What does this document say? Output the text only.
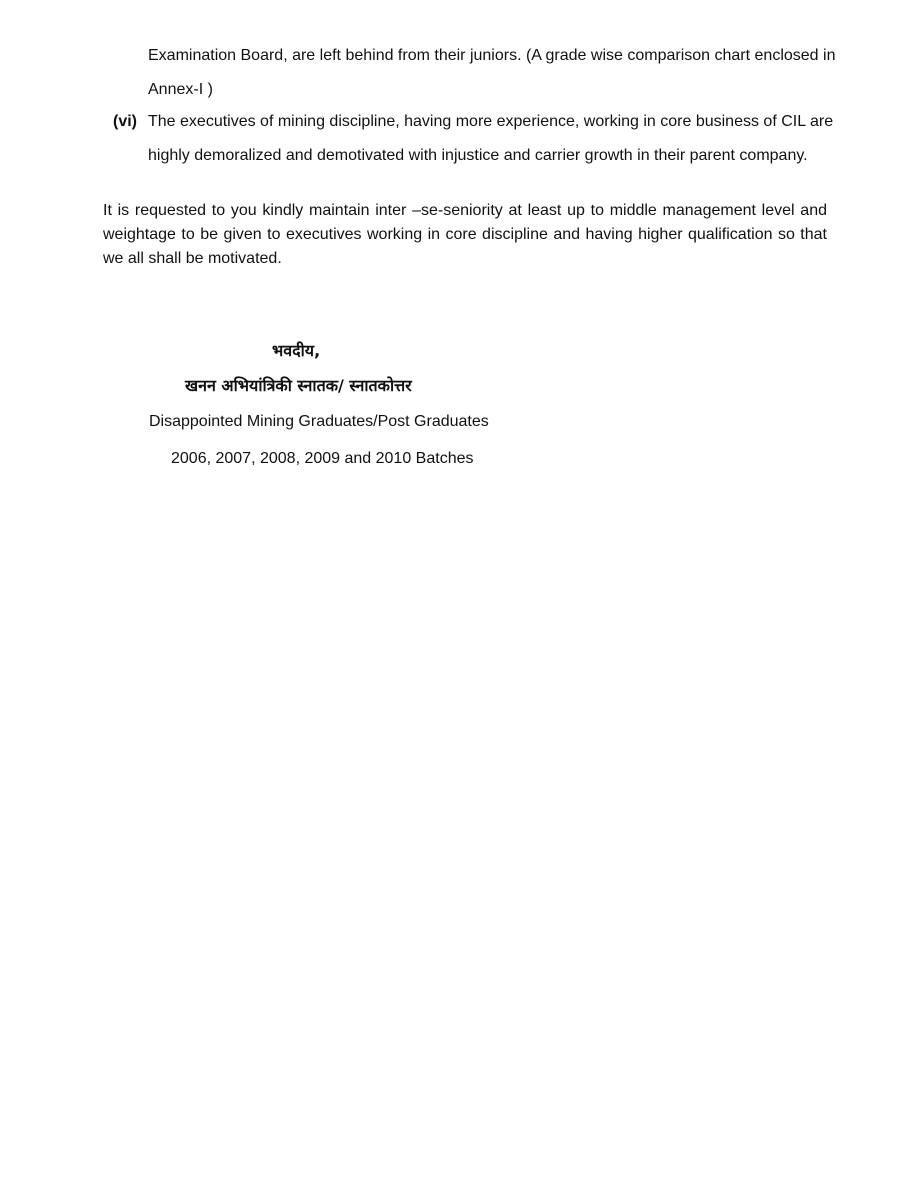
Examination Board, are left behind from their juniors. (A grade wise comparison chart enclosed in
Annex-I )
(vi) The executives of mining discipline, having more experience, working in core business of CIL are
highly demoralized and demotivated with injustice and carrier growth in their parent company.
It is requested to you kindly maintain inter –se-seniority at least up to middle management level and weightage to be given to executives working in core discipline and having higher qualification so that we all shall be motivated.
भवदीय,
खनन अभियांत्रिकी स्नातक/ स्नातकोत्तर
Disappointed Mining Graduates/Post Graduates
2006, 2007, 2008, 2009 and 2010 Batches
